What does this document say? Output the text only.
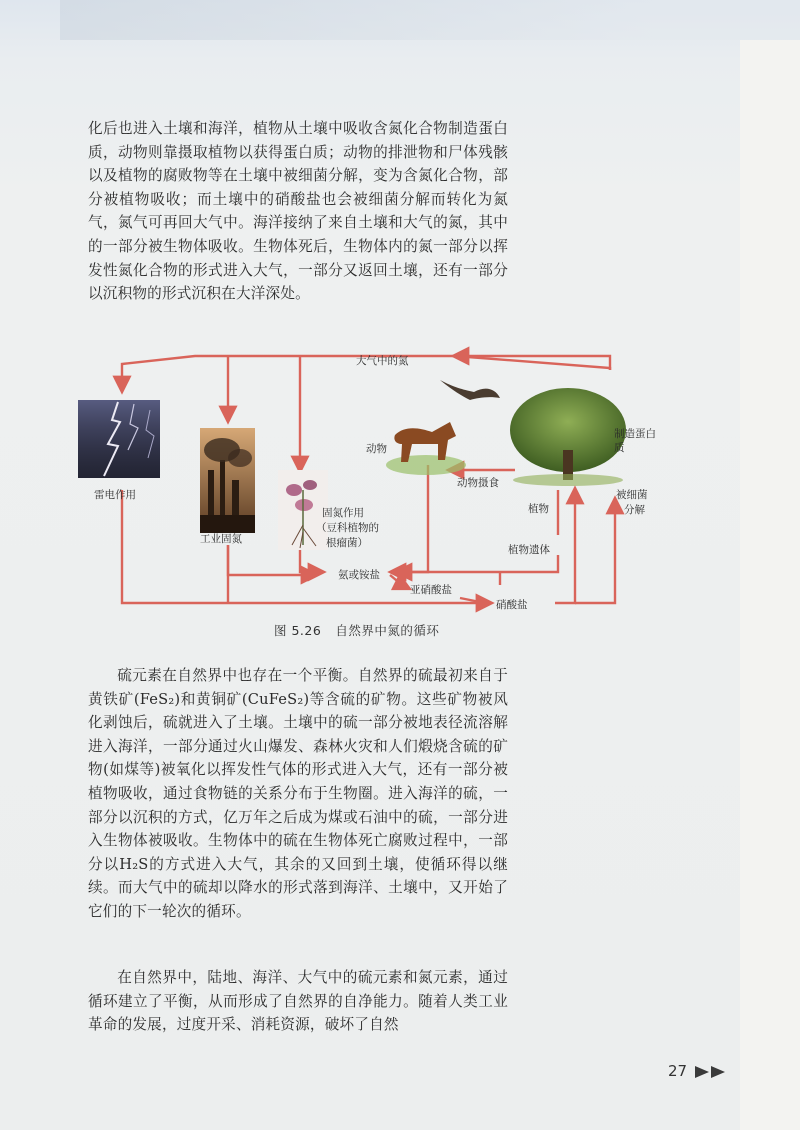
化后也进入土壤和海洋，植物从土壤中吸收含氮化合物制造蛋白质，动物则靠摄取植物以获得蛋白质；动物的排泄物和尸体残骸以及植物的腐败物等在土壤中被细菌分解，变为含氮化合物，部分被植物吸收；而土壤中的硝酸盐也会被细菌分解而转化为氮气，氮气可再回大气中。海洋接纳了来自土壤和大气的氮，其中的一部分被生物体吸收。生物体死后，生物体内的氮一部分以挥发性氮化合物的形式进入大气，一部分又返回土壤，还有一部分以沉积物的形式沉积在大洋深处。

大气中的氮
雷电作用
工业固氮
固氮作用
（豆科植物的
根瘤菌）
动物
动物摄食
植物
制造蛋白质
被细菌
分解
植物遗体
氨或铵盐
亚硝酸盐
硝酸盐
图 5.26 自然界中氮的循环

硫元素在自然界中也存在一个平衡。自然界的硫最初来自于黄铁矿(FeS₂)和黄铜矿(CuFeS₂)等含硫的矿物。这些矿物被风化剥蚀后，硫就进入了土壤。土壤中的硫一部分被地表径流溶解进入海洋，一部分通过火山爆发、森林火灾和人们煅烧含硫的矿物(如煤等)被氧化以挥发性气体的形式进入大气，还有一部分被植物吸收，通过食物链的关系分布于生物圈。进入海洋的硫，一部分以沉积的方式，亿万年之后成为煤或石油中的硫，一部分进入生物体被吸收。生物体中的硫在生物体死亡腐败过程中，一部分以H₂S的方式进入大气，其余的又回到土壤，使循环得以继续。而大气中的硫却以降水的形式落到海洋、土壤中，又开始了它们的下一轮次的循环。

在自然界中，陆地、海洋、大气中的硫元素和氮元素，通过循环建立了平衡，从而形成了自然界的自净能力。随着人类工业革命的发展，过度开采、消耗资源，破坏了自然

27
